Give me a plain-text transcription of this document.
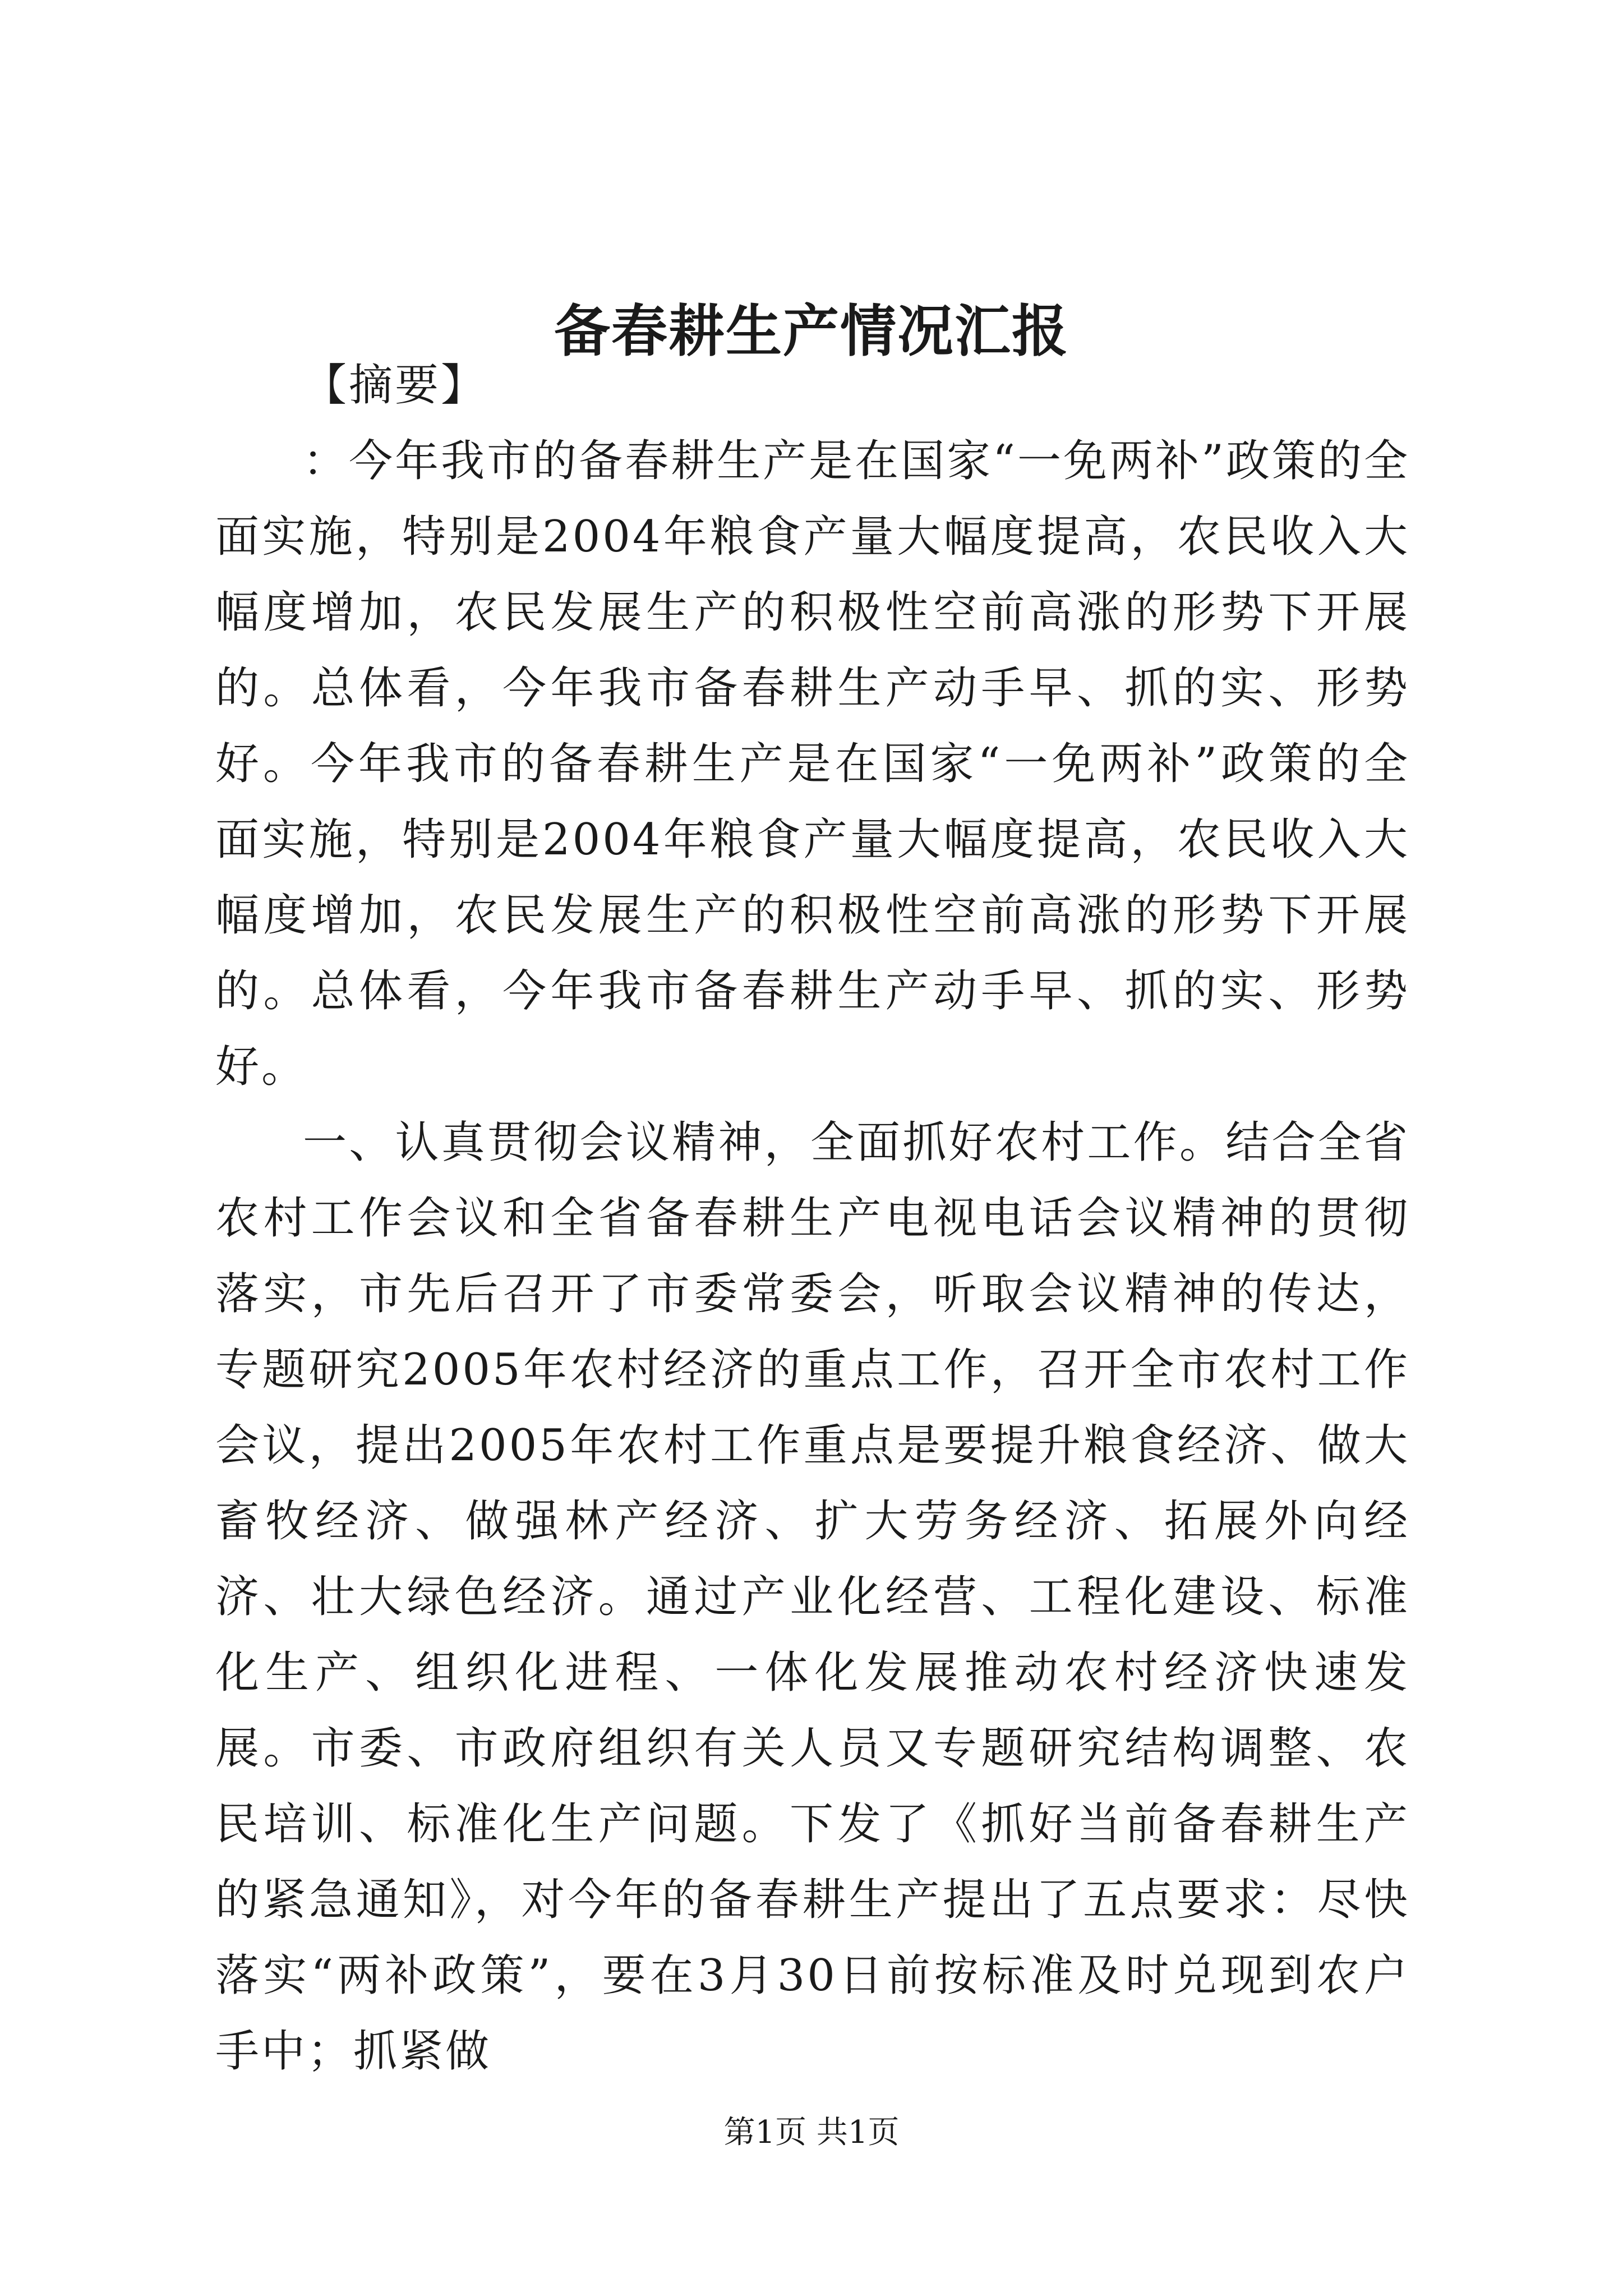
备春耕生产情况汇报

【摘要】

：今年我市的备春耕生产是在国家“一免两补”政策的全面实施，特别是2004年粮食产量大幅度提高，农民收入大幅度增加，农民发展生产的积极性空前高涨的形势下开展的。总体看，今年我市备春耕生产动手早、抓的实、形势好。今年我市的备春耕生产是在国家“一免两补”政策的全面实施，特别是2004年粮食产量大幅度提高，农民收入大幅度增加，农民发展生产的积极性空前高涨的形势下开展的。总体看，今年我市备春耕生产动手早、抓的实、形势好。

一、认真贯彻会议精神，全面抓好农村工作。结合全省农村工作会议和全省备春耕生产电视电话会议精神的贯彻落实，市先后召开了市委常委会，听取会议精神的传达，专题研究2005年农村经济的重点工作，召开全市农村工作会议，提出2005年农村工作重点是要提升粮食经济、做大畜牧经济、做强林产经济、扩大劳务经济、拓展外向经济、壮大绿色经济。通过产业化经营、工程化建设、标准化生产、组织化进程、一体化发展推动农村经济快速发展。市委、市政府组织有关人员又专题研究结构调整、农民培训、标准化生产问题。下发了《抓好当前备春耕生产的紧急通知》，对今年的备春耕生产提出了五点要求：尽快落实“两补政策”，要在3月30日前按标准及时兑现到农户手中；抓紧做

第1页 共1页
